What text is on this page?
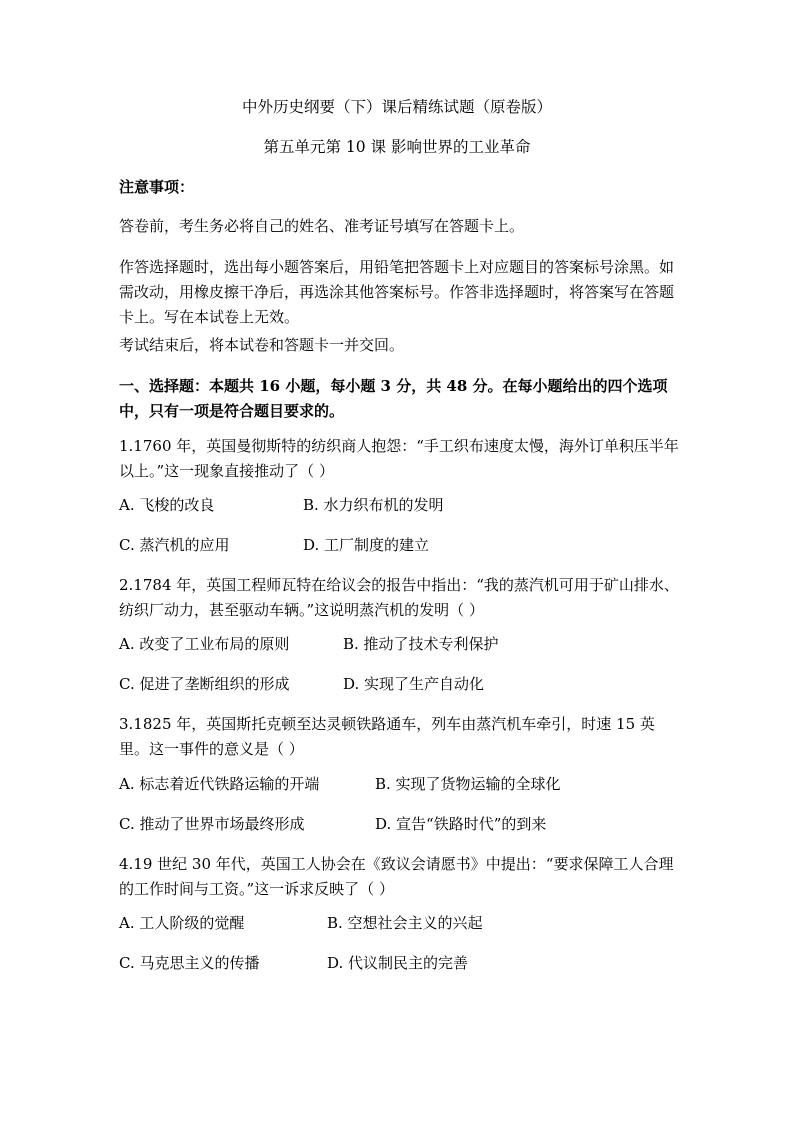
中外历史纲要（下）课后精练试题（原卷版）
第五单元第 10 课 影响世界的工业革命
注意事项：
答卷前，考生务必将自己的姓名、准考证号填写在答题卡上。
作答选择题时，选出每小题答案后，用铅笔把答题卡上对应题目的答案标号涂黑。如需改动，用橡皮擦干净后，再选涂其他答案标号。作答非选择题时，将答案写在答题卡上。写在本试卷上无效。
考试结束后，将本试卷和答题卡一并交回。
一、选择题：本题共 16 小题，每小题 3 分，共 48 分。在每小题给出的四个选项中，只有一项是符合题目要求的。
1.1760 年，英国曼彻斯特的纺织商人抱怨：“手工织布速度太慢，海外订单积压半年以上。”这一现象直接推动了（ ）
A. 飞梭的改良	B. 水力织布机的发明
C. 蒸汽机的应用	D. 工厂制度的建立
2.1784 年，英国工程师瓦特在给议会的报告中指出：“我的蒸汽机可用于矿山排水、纺织厂动力，甚至驱动车辆。”这说明蒸汽机的发明（ ）
A. 改变了工业布局的原则	B. 推动了技术专利保护
C. 促进了垄断组织的形成	D. 实现了生产自动化
3.1825 年，英国斯托克顿至达灵顿铁路通车，列车由蒸汽机车牵引，时速 15 英里。这一事件的意义是（ ）
A. 标志着近代铁路运输的开端	B. 实现了货物运输的全球化
C. 推动了世界市场最终形成	D. 宣告“铁路时代”的到来
4.19 世纪 30 年代，英国工人协会在《致议会请愿书》中提出：“要求保障工人合理的工作时间与工资。”这一诉求反映了（ ）
A. 工人阶级的觉醒	B. 空想社会主义的兴起
C. 马克思主义的传播	D. 代议制民主的完善
